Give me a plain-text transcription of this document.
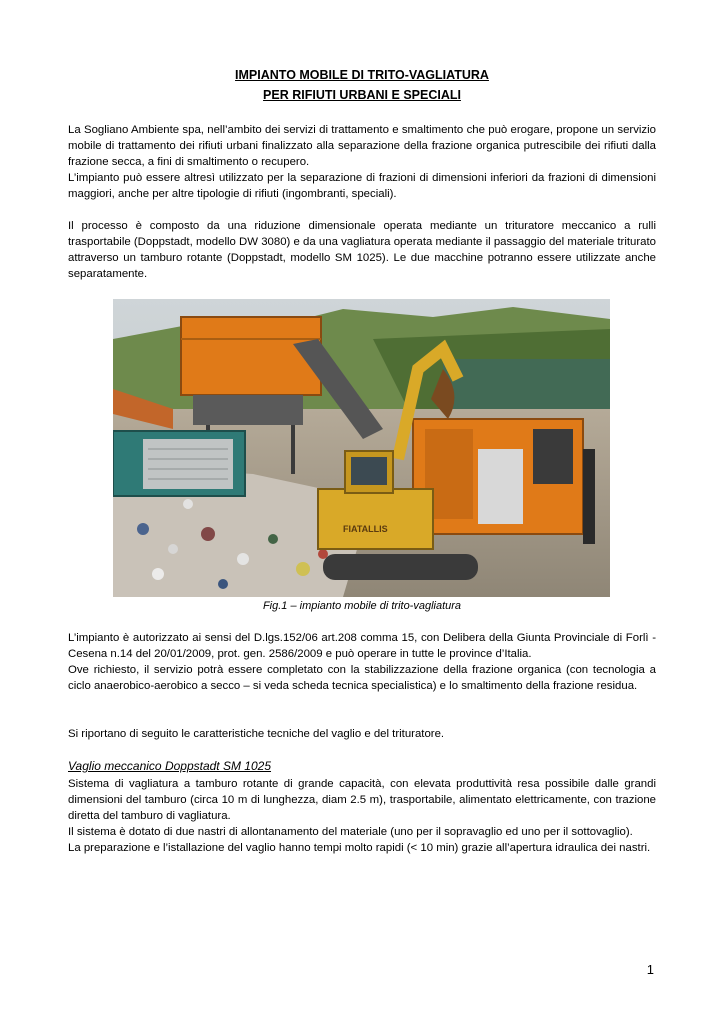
IMPIANTO MOBILE DI TRITO-VAGLIATURA
PER RIFIUTI URBANI E SPECIALI
La Sogliano Ambiente spa, nell’ambito dei servizi di trattamento e smaltimento che può erogare, propone un servizio mobile di trattamento dei rifiuti urbani finalizzato alla separazione della frazione organica putrescibile dei rifiuti dalla frazione secca, a fini di smaltimento o recupero.
L’impianto può essere altresì utilizzato per la separazione di frazioni di dimensioni inferiori da frazioni di dimensioni maggiori, anche per altre tipologie di rifiuti (ingombranti, speciali).
Il processo è composto da una riduzione dimensionale operata mediante un trituratore meccanico a rulli trasportabile (Doppstadt, modello DW 3080) e da una vagliatura operata mediante il passaggio del materiale triturato attraverso un tamburo rotante (Doppstadt, modello SM 1025). Le due macchine potranno essere utilizzate anche separatamente.
FIATALLIS
Fig.1 – impianto mobile di trito-vagliatura
L’impianto è autorizzato ai sensi del D.lgs.152/06 art.208 comma 15, con Delibera della Giunta Provinciale di Forlì - Cesena n.14 del 20/01/2009, prot. gen. 2586/2009 e può operare in tutte le province d’Italia.
Ove richiesto, il servizio potrà essere completato con la stabilizzazione della frazione organica (con tecnologia a ciclo anaerobico-aerobico a secco – si veda scheda tecnica specialistica) e lo smaltimento della frazione residua.
Si riportano di seguito le caratteristiche tecniche del vaglio e del trituratore.
Vaglio meccanico Doppstadt SM 1025
Sistema di vagliatura a tamburo rotante di grande capacità, con elevata produttività resa possibile dalle grandi dimensioni del tamburo (circa 10 m di lunghezza, diam 2.5 m), trasportabile, alimentato elettricamente, con trazione diretta del tamburo di vagliatura.
Il sistema è dotato di due nastri di allontanamento del materiale (uno per il sopravaglio ed uno per il sottovaglio).
La preparazione e l’istallazione del vaglio hanno tempi molto rapidi (< 10 min) grazie all’apertura idraulica dei nastri.
1
